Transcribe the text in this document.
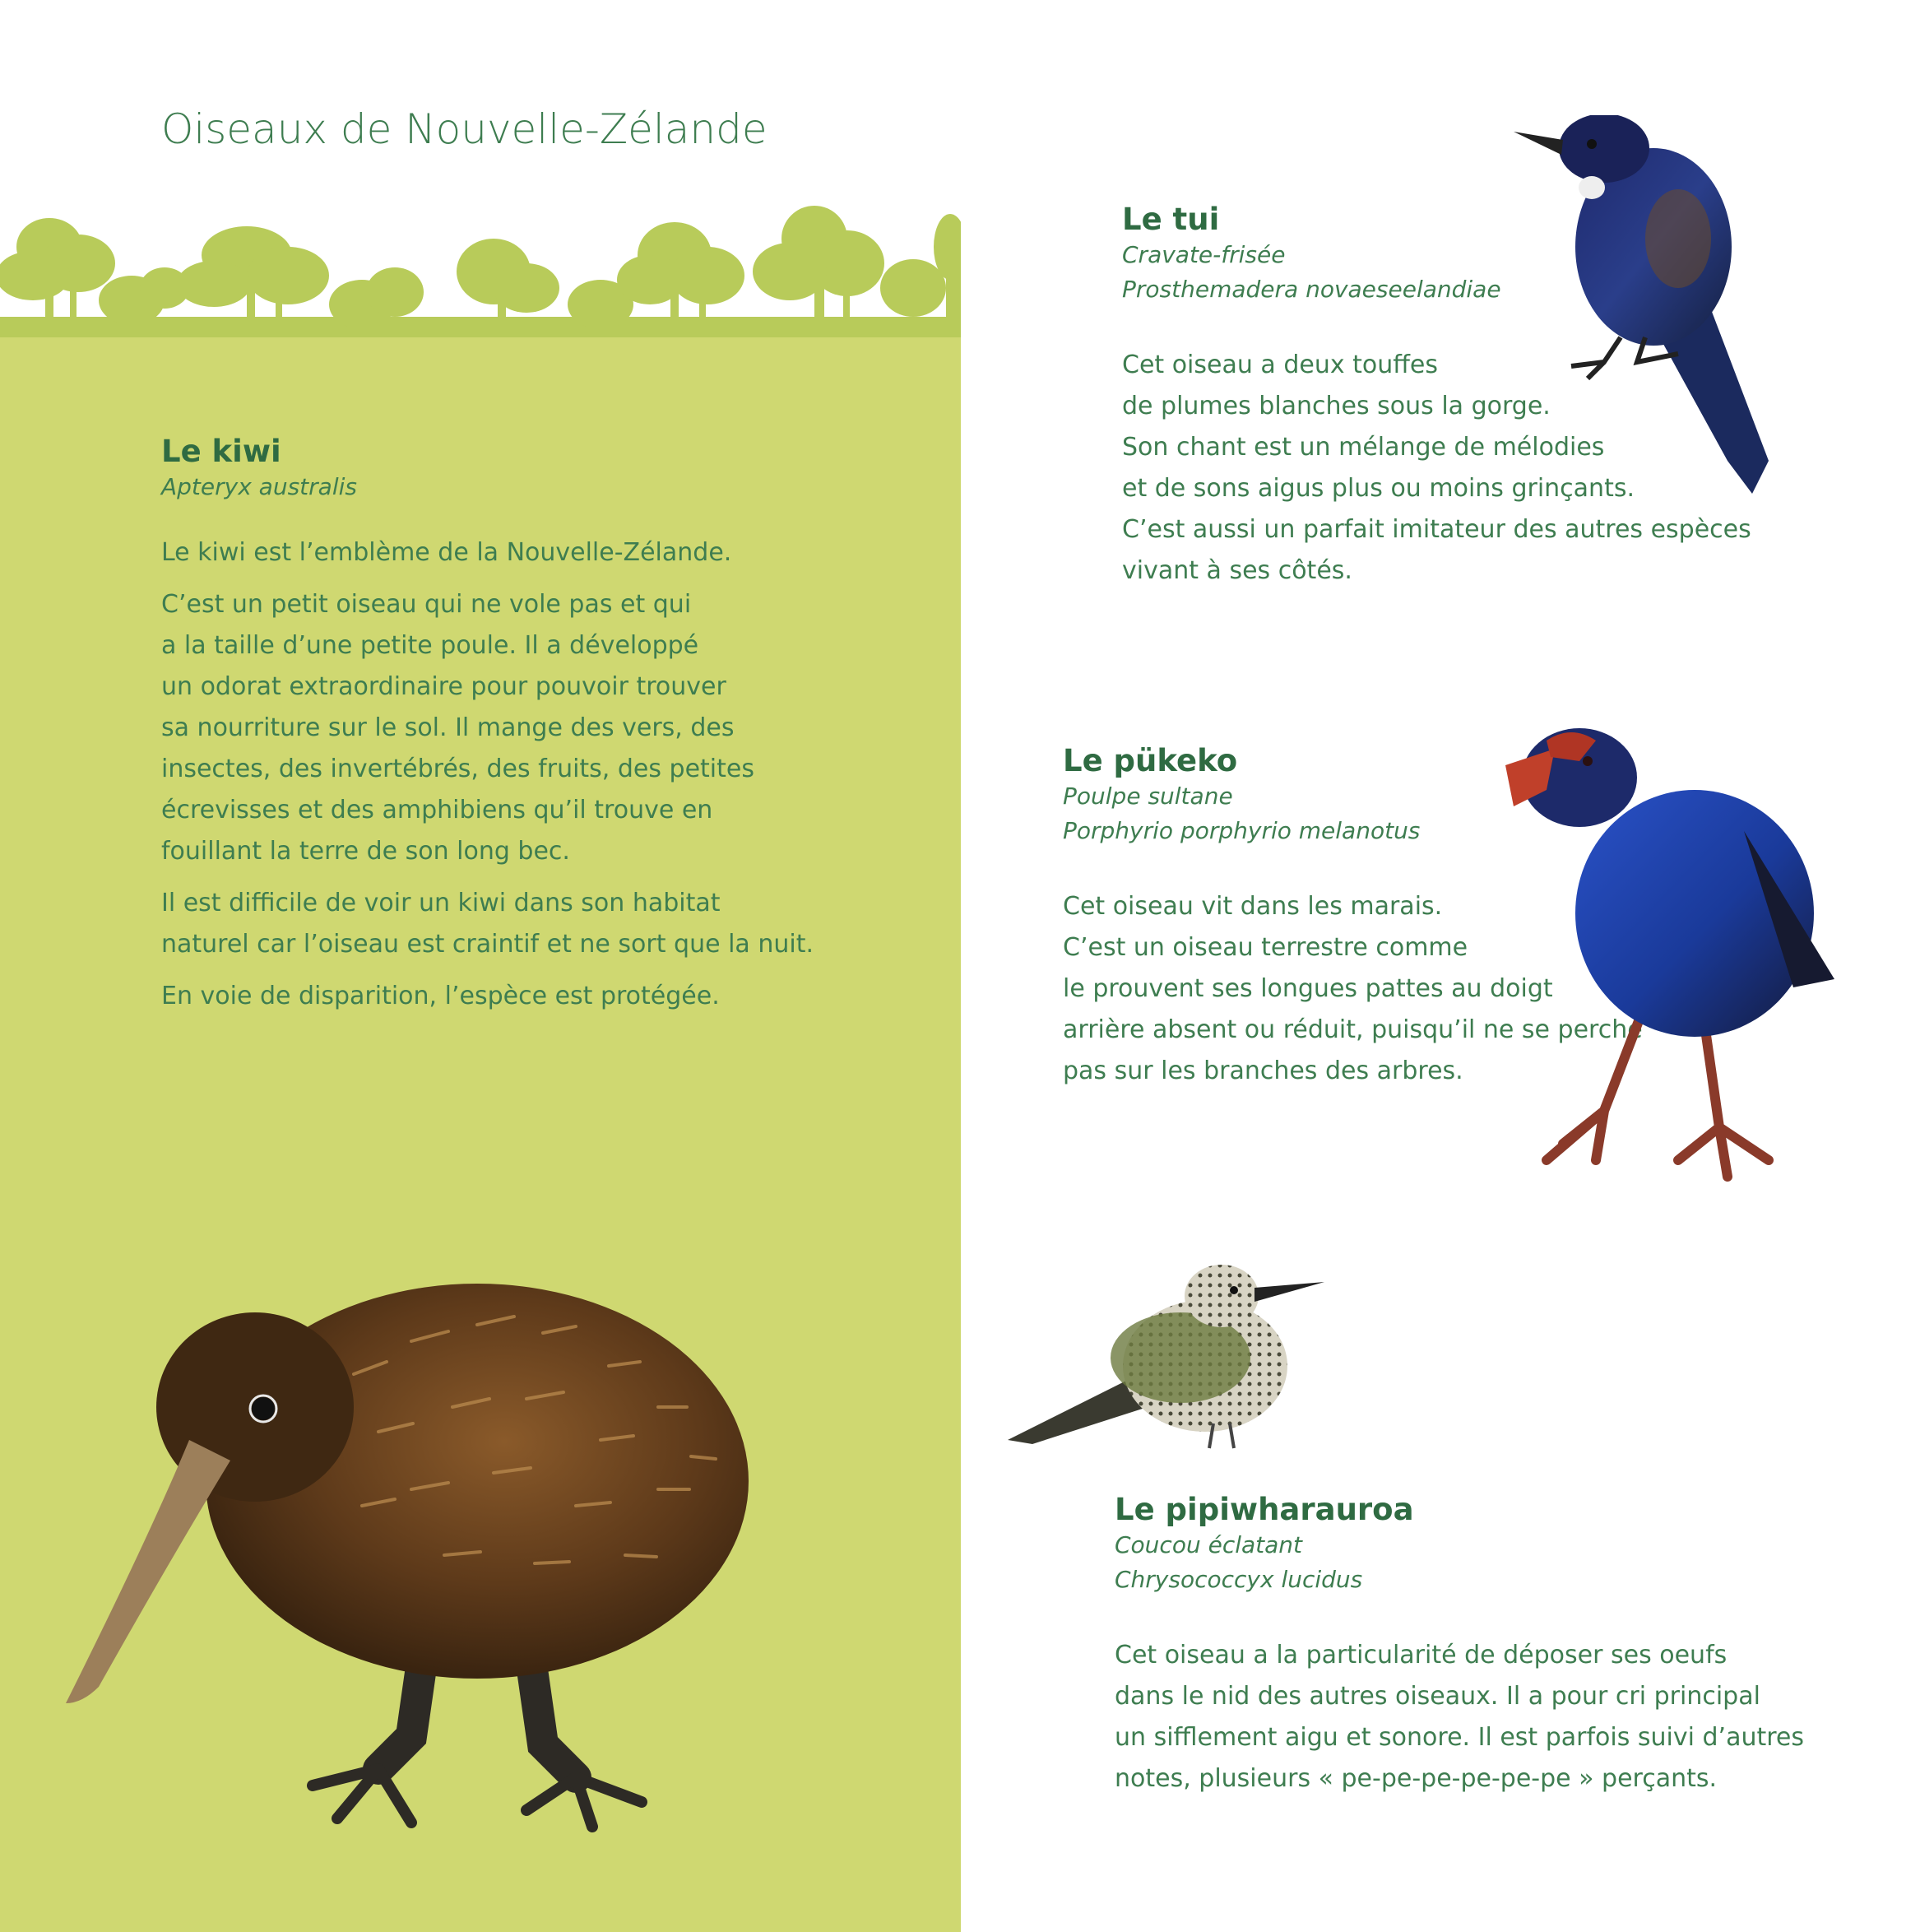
Oiseaux de Nouvelle-Zélande
Le kiwi
Apteryx australis

Le kiwi est l’emblème de la Nouvelle-Zélande.

C’est un petit oiseau qui ne vole pas et qui

a la taille d’une petite poule. Il a développé

un odorat extraordinaire pour pouvoir trouver

sa nourriture sur le sol. Il mange des vers, des

insectes, des invertébrés, des fruits, des petites

écrevisses et des amphibiens qu’il trouve en

fouillant la terre de son long bec.

Il est difficile de voir un kiwi dans son habitat

naturel car l’oiseau est craintif et ne sort que la nuit.

En voie de disparition, l’espèce est protégée.

Le tui
Cravate-frisée
Prosthemadera novaeseelandiae

Cet oiseau a deux touffes

de plumes blanches sous la gorge.

Son chant est un mélange de mélodies

et de sons aigus plus ou moins grinçants.

C’est aussi un parfait imitateur des autres espèces

vivant à ses côtés.

Le pükeko
Poulpe sultane
Porphyrio porphyrio melanotus

Cet oiseau vit dans les marais.

C’est un oiseau terrestre comme

le prouvent ses longues pattes au doigt

arrière absent ou réduit, puisqu’il ne se perche

pas sur les branches des arbres.

Le pipiwharauroa
Coucou éclatant
Chrysococcyx lucidus

Cet oiseau a la particularité de déposer ses oeufs

dans le nid des autres oiseaux. Il a pour cri principal

un sifflement aigu et sonore. Il est parfois suivi d’autres

notes, plusieurs « pe-pe-pe-pe-pe-pe » perçants.
